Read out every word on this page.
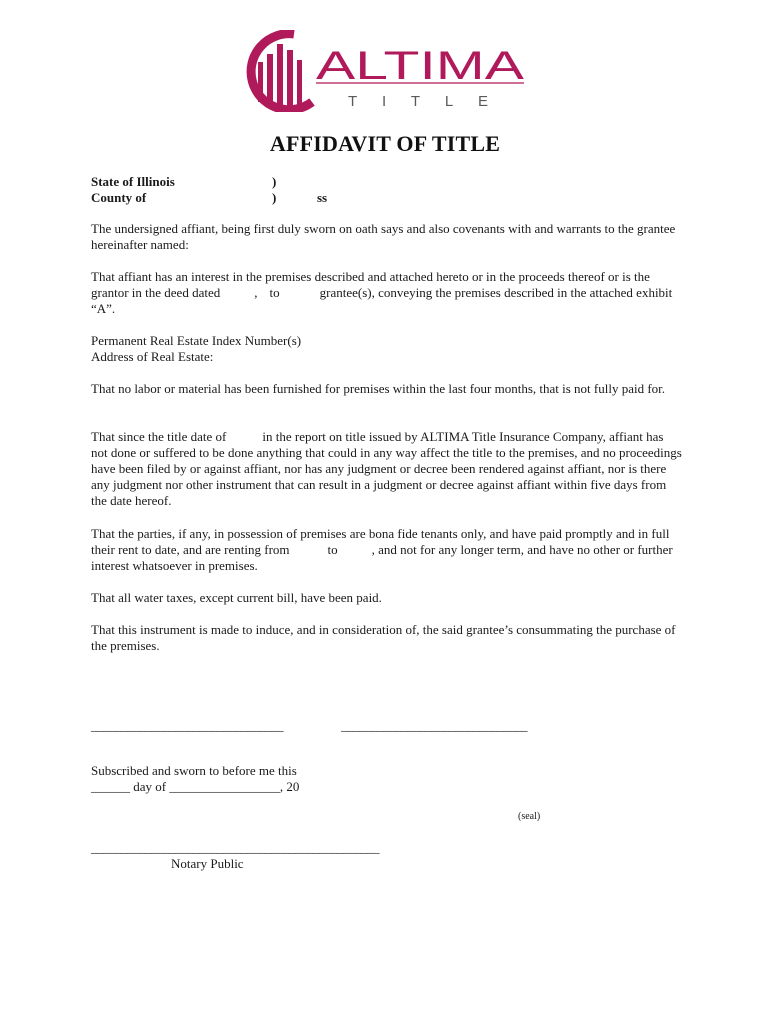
ALTIMA
TITLE
AFFIDAVIT OF TITLE
State of Illinois	)
County of	)	ss

The undersigned affiant, being first duly sworn on oath says and also covenants with and warrants to the grantee hereinafter named:

That affiant has an interest in the premises described and attached hereto or in the proceeds thereof or is the grantor in the deed dated	, to	grantee(s), conveying the premises described in the attached exhibit “A”.

Permanent Real Estate Index Number(s)
Address of Real Estate:

That no labor or material has been furnished for premises within the last four months, that is not fully paid for.

That since the title date of	in the report on title issued by ALTIMA Title Insurance Company, affiant has not done or suffered to be done anything that could in any way affect the title to the premises, and no proceedings have been filed by or against affiant, nor has any judgment or decree been rendered against affiant, nor is there any judgment nor other instrument that can result in a judgment or decree against affiant within five days from the date hereof.

That the parties, if any, in possession of premises are bona fide tenants only, and have paid promptly and in full their rent to date, and are renting from	to	, and not for any longer term, and have no other or further interest whatsoever in premises.

That all water taxes, except current bill, have been paid.

That this instrument is made to induce, and in consideration of, the said grantee’s consummating the purchase of the premises.

________________________________	_______________________________

Subscribed and sworn to before me this
______ day of _________________, 20

(seal)
________________________________________________
Notary Public
